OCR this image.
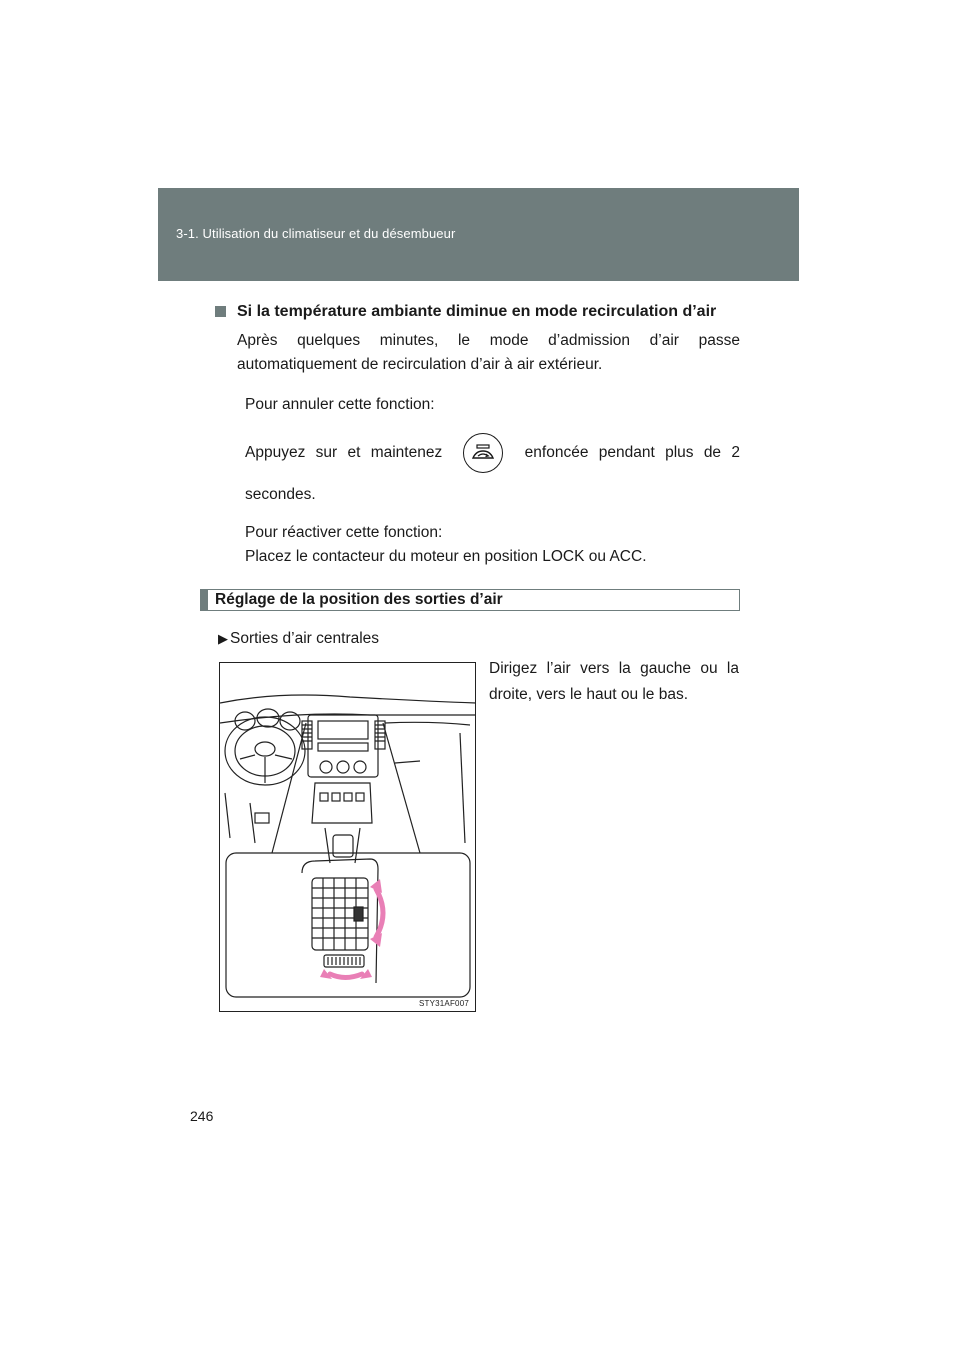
3-1. Utilisation du climatiseur et du désembueur
Si la température ambiante diminue en mode recirculation d’air
Après quelques minutes, le mode d’admission d’air passe automatiquement de recirculation d’air à air extérieur.

Pour annuler cette fonction:

Appuyez sur et maintenez	enfoncée pendant plus de 2

secondes.

Pour réactiver cette fonction:

Placez le contacteur du moteur en position LOCK ou ACC.

Réglage de la position des sorties d’air
▶ Sorties d’air centrales
Dirigez l’air vers la gauche ou la droite, vers le haut ou le bas.
STY31AF007
246
